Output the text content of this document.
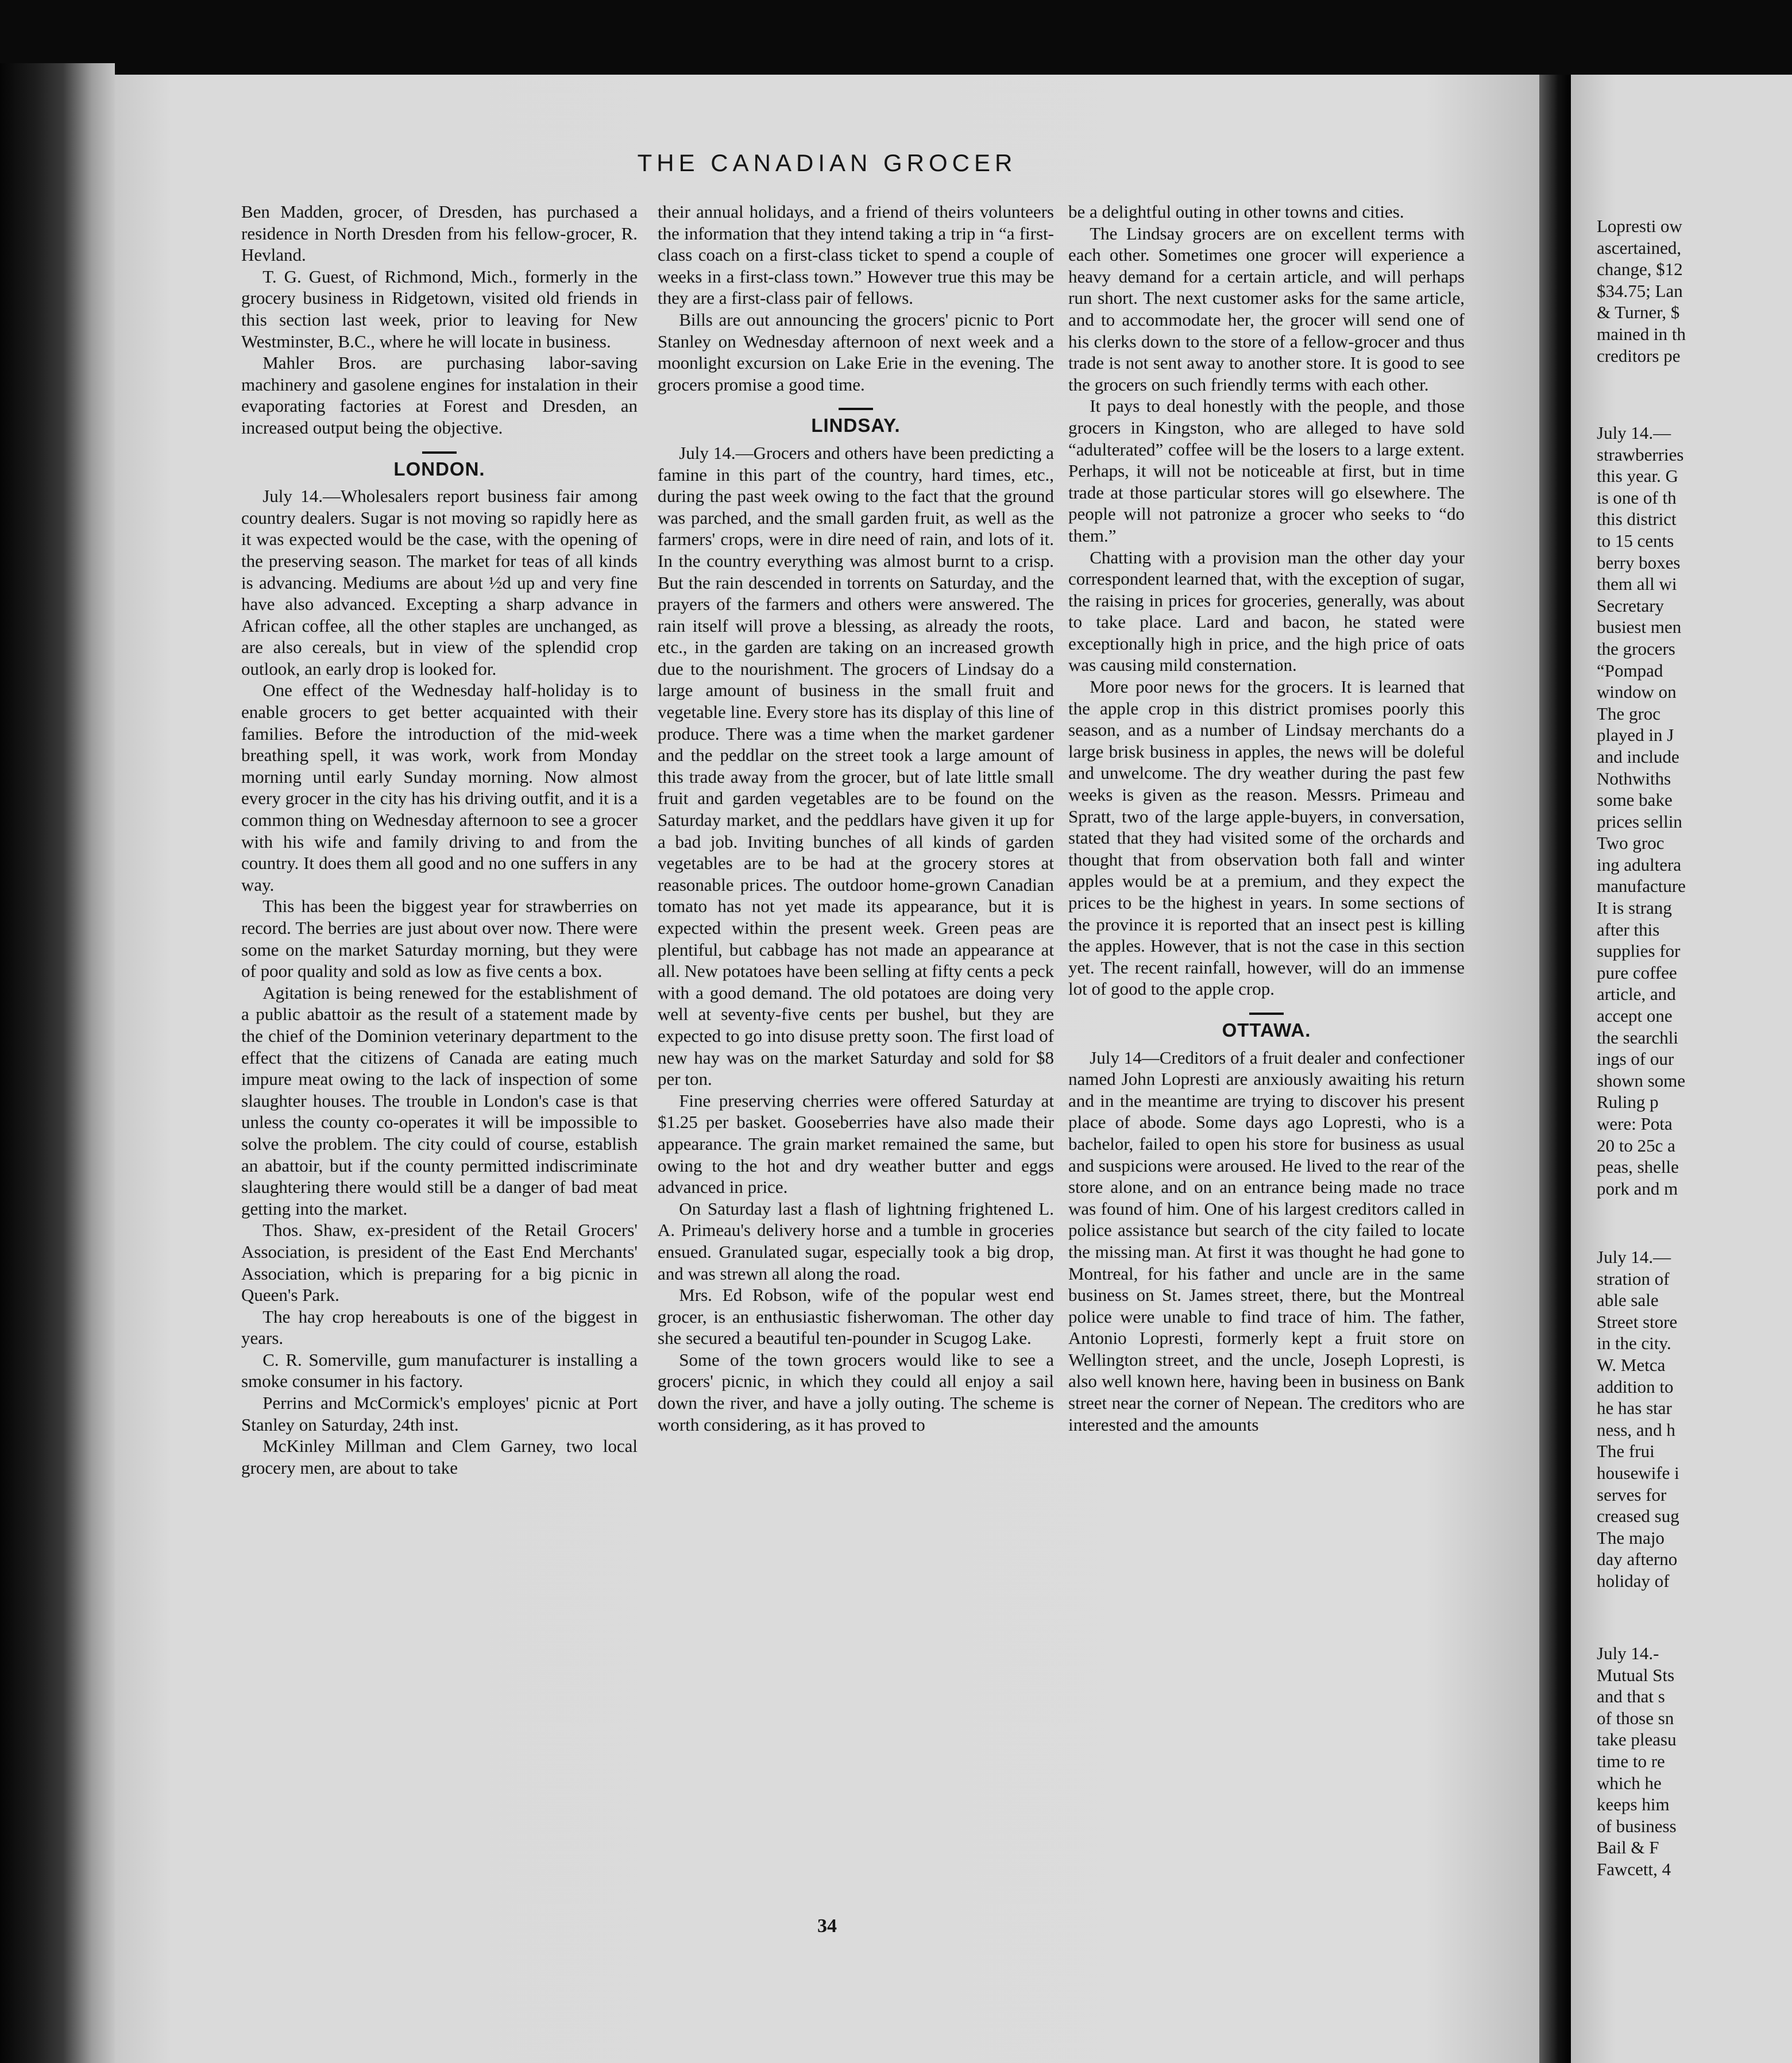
THE CANADIAN GROCER

Ben Madden, grocer, of Dresden, has purchased a residence in North Dresden from his fellow-grocer, R. Hevland.

T. G. Guest, of Richmond, Mich., formerly in the grocery business in Ridgetown, visited old friends in this section last week, prior to leaving for New Westminster, B.C., where he will locate in business.

Mahler Bros. are purchasing labor-saving machinery and gasolene engines for instalation in their evaporating factories at Forest and Dresden, an increased output being the objective.

LONDON.

July 14.—Wholesalers report business fair among country dealers. Sugar is not moving so rapidly here as it was expected would be the case, with the opening of the preserving season. The market for teas of all kinds is advancing. Mediums are about ½d up and very fine have also advanced. Excepting a sharp advance in African coffee, all the other staples are unchanged, as are also cereals, but in view of the splendid crop outlook, an early drop is looked for.

One effect of the Wednesday half-holiday is to enable grocers to get better acquainted with their families. Before the introduction of the mid-week breathing spell, it was work, work from Monday morning until early Sunday morning. Now almost every grocer in the city has his driving outfit, and it is a common thing on Wednesday afternoon to see a grocer with his wife and family driving to and from the country. It does them all good and no one suffers in any way.

This has been the biggest year for strawberries on record. The berries are just about over now. There were some on the market Saturday morning, but they were of poor quality and sold as low as five cents a box.

Agitation is being renewed for the establishment of a public abattoir as the result of a statement made by the chief of the Dominion veterinary department to the effect that the citizens of Canada are eating much impure meat owing to the lack of inspection of some slaughter houses. The trouble in London's case is that unless the county co-operates it will be impossible to solve the problem. The city could of course, establish an abattoir, but if the county permitted indiscriminate slaughtering there would still be a danger of bad meat getting into the market.

Thos. Shaw, ex-president of the Retail Grocers' Association, is president of the East End Merchants' Association, which is preparing for a big picnic in Queen's Park.

The hay crop hereabouts is one of the biggest in years.

C. R. Somerville, gum manufacturer is installing a smoke consumer in his factory.

Perrins and McCormick's employes' picnic at Port Stanley on Saturday, 24th inst.

McKinley Millman and Clem Garney, two local grocery men, are about to take

their annual holidays, and a friend of theirs volunteers the information that they intend taking a trip in “a first-class coach on a first-class ticket to spend a couple of weeks in a first-class town.” However true this may be they are a first-class pair of fellows.

Bills are out announcing the grocers' picnic to Port Stanley on Wednesday afternoon of next week and a moonlight excursion on Lake Erie in the evening. The grocers promise a good time.

LINDSAY.

July 14.—Grocers and others have been predicting a famine in this part of the country, hard times, etc., during the past week owing to the fact that the ground was parched, and the small garden fruit, as well as the farmers' crops, were in dire need of rain, and lots of it. In the country everything was almost burnt to a crisp. But the rain descended in torrents on Saturday, and the prayers of the farmers and others were answered. The rain itself will prove a blessing, as already the roots, etc., in the garden are taking on an increased growth due to the nourishment. The grocers of Lindsay do a large amount of business in the small fruit and vegetable line. Every store has its display of this line of produce. There was a time when the market gardener and the peddlar on the street took a large amount of this trade away from the grocer, but of late little small fruit and garden vegetables are to be found on the Saturday market, and the peddlars have given it up for a bad job. Inviting bunches of all kinds of garden vegetables are to be had at the grocery stores at reasonable prices. The outdoor home-grown Canadian tomato has not yet made its appearance, but it is expected within the present week. Green peas are plentiful, but cabbage has not made an appearance at all. New potatoes have been selling at fifty cents a peck with a good demand. The old potatoes are doing very well at seventy-five cents per bushel, but they are expected to go into disuse pretty soon. The first load of new hay was on the market Saturday and sold for $8 per ton.

Fine preserving cherries were offered Saturday at $1.25 per basket. Gooseberries have also made their appearance. The grain market remained the same, but owing to the hot and dry weather butter and eggs advanced in price.

On Saturday last a flash of lightning frightened L. A. Primeau's delivery horse and a tumble in groceries ensued. Granulated sugar, especially took a big drop, and was strewn all along the road.

Mrs. Ed Robson, wife of the popular west end grocer, is an enthusiastic fisherwoman. The other day she secured a beautiful ten-pounder in Scugog Lake.

Some of the town grocers would like to see a grocers' picnic, in which they could all enjoy a sail down the river, and have a jolly outing. The scheme is worth considering, as it has proved to

be a delightful outing in other towns and cities.

The Lindsay grocers are on excellent terms with each other. Sometimes one grocer will experience a heavy demand for a certain article, and will perhaps run short. The next customer asks for the same article, and to accommodate her, the grocer will send one of his clerks down to the store of a fellow-grocer and thus trade is not sent away to another store. It is good to see the grocers on such friendly terms with each other.

It pays to deal honestly with the people, and those grocers in Kingston, who are alleged to have sold “adulterated” coffee will be the losers to a large extent. Perhaps, it will not be noticeable at first, but in time trade at those particular stores will go elsewhere. The people will not patronize a grocer who seeks to “do them.”

Chatting with a provision man the other day your correspondent learned that, with the exception of sugar, the raising in prices for groceries, generally, was about to take place. Lard and bacon, he stated were exceptionally high in price, and the high price of oats was causing mild consternation.

More poor news for the grocers. It is learned that the apple crop in this district promises poorly this season, and as a number of Lindsay merchants do a large brisk business in apples, the news will be doleful and unwelcome. The dry weather during the past few weeks is given as the reason. Messrs. Primeau and Spratt, two of the large apple-buyers, in conversation, stated that they had visited some of the orchards and thought that from observation both fall and winter apples would be at a premium, and they expect the prices to be the highest in years. In some sections of the province it is reported that an insect pest is killing the apples. However, that is not the case in this section yet. The recent rainfall, however, will do an immense lot of good to the apple crop.

OTTAWA.

July 14—Creditors of a fruit dealer and confectioner named John Lopresti are anxiously awaiting his return and in the meantime are trying to discover his present place of abode. Some days ago Lopresti, who is a bachelor, failed to open his store for business as usual and suspicions were aroused. He lived to the rear of the store alone, and on an entrance being made no trace was found of him. One of his largest creditors called in police assistance but search of the city failed to locate the missing man. At first it was thought he had gone to Montreal, for his father and uncle are in the same business on St. James street, there, but the Montreal police were unable to find trace of him. The father, Antonio Lopresti, formerly kept a fruit store on Wellington street, and the uncle, Joseph Lopresti, is also well known here, having been in business on Bank street near the corner of Nepean. The creditors who are interested and the amounts

34
Lopresti ow
ascertained,
change, $12
$34.75; Lan
& Turner, $
mained in th
creditors pe
July 14.—
strawberries
this year. G
is one of th
this district
to 15 cents
berry boxes
them all wi
Secretary
busiest men
the grocers
“Pompad
window on
The groc
played in J
and include
Nothwiths
some bake
prices sellin
Two groc
ing adultera
manufacture
It is strang
after this
supplies for
pure coffee
article, and
accept one
the searchli
ings of our
shown some
Ruling p
were: Pota
20 to 25c a
peas, shelle
pork and m
July 14.—
stration of
able sale
Street store
in the city.
W. Metca
addition to
he has star
ness, and h
The frui
housewife i
serves for
creased sug
The majo
day afterno
holiday of
July 14.-
Mutual Sts
and that s
of those sn
take pleasu
time to re
which he
keeps him
of business
Bail & F
Fawcett, 4
